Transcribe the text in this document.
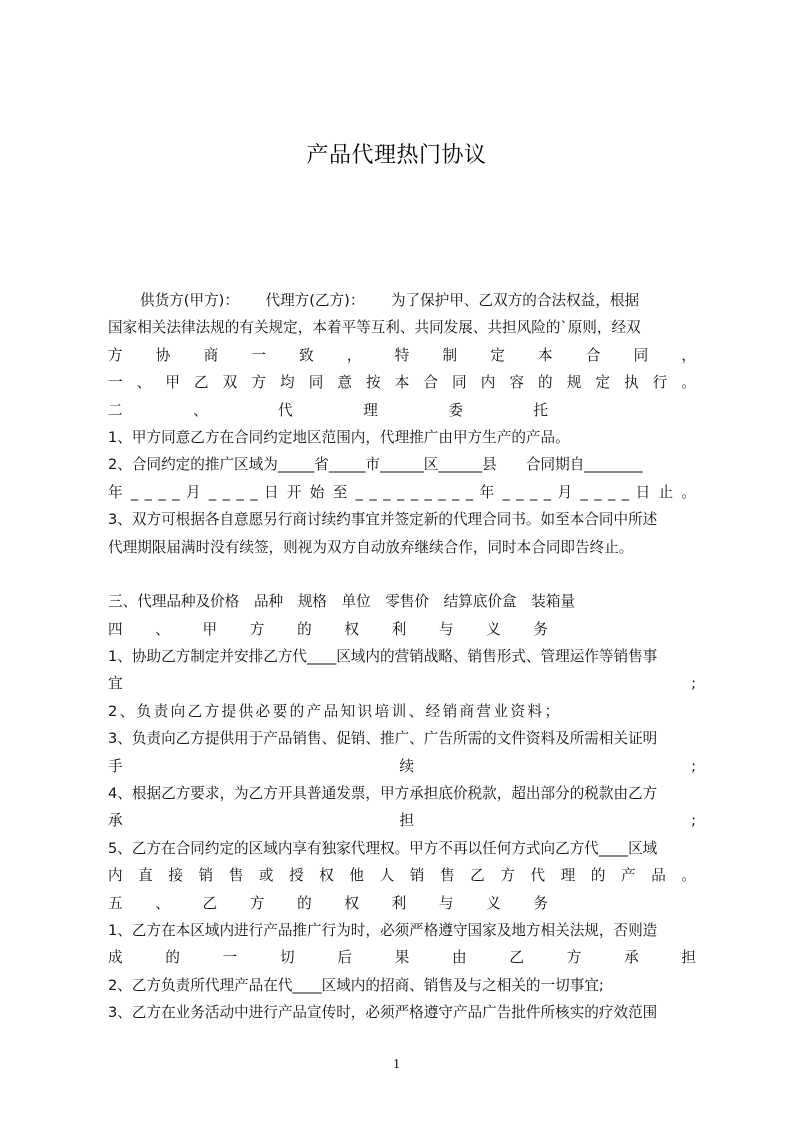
产品代理热门协议
供货方(甲方)：　　 代理方(乙方)：　　 为了保护甲、乙双方的合法权益，根据
国家相关法律法规的有关规定，本着平等互利、共同发展、共担风险的`原则，经双
方 协 商 一 致 ， 特 制 定 本 合 同 ，
一 、 甲 乙 双 方 均 同 意 按 本 合 同 内 容 的 规 定 执 行 。
二 、 代 理 委 托
1、甲方同意乙方在合同约定地区范围内，代理推广由甲方生产的产品。
2、合同约定的推广区域为_____省_____市______区______县　　合同期自________
年 _ _ _ _ 月 _ _ _ _ 日 开 始 至 _ _ _ _ _ _ _ _ _ 年 _ _ _ _ 月 _ _ _ _ 日 止 。
3、双方可根据各自意愿另行商讨续约事宜并签定新的代理合同书。如至本合同中所述
代理期限届满时没有续签，则视为双方自动放弃继续合作，同时本合同即告终止。
三、代理品种及价格　品种　规格　单位　零售价　结算底价盒　装箱量
四 、 甲 方 的 权 利 与 义 务
1、协助乙方制定并安排乙方代____区域内的营销战略、销售形式、管理运作等销售事
宜 ;
2、负责向乙方提供必要的产品知识培训、经销商营业资料；
3、负责向乙方提供用于产品销售、促销、推广、广告所需的文件资料及所需相关证明
手 续 ;
4、根据乙方要求，为乙方开具普通发票，甲方承担底价税款，超出部分的税款由乙方
承 担 ;
5、乙方在合同约定的区域内享有独家代理权。甲方不再以任何方式向乙方代____区域
内 直 接 销 售 或 授 权 他 人 销 售 乙 方 代 理 的 产 品 。
五 、 乙 方 的 权 利 与 义 务
1、乙方在本区域内进行产品推广行为时，必须严格遵守国家及地方相关法规，否则造
成 的 一 切 后 果 由 乙 方 承 担
2、乙方负责所代理产品在代____区域内的招商、销售及与之相关的一切事宜;
3、乙方在业务活动中进行产品宣传时，必须严格遵守产品广告批件所核实的疗效范围
1
